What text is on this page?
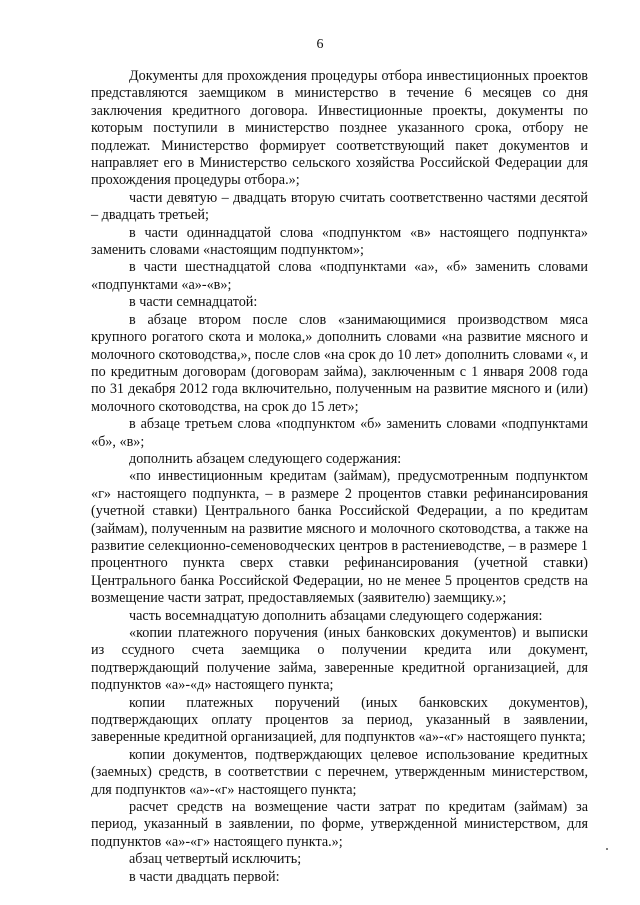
6

Документы для прохождения процедуры отбора инвестиционных проектов представляются заемщиком в министерство в течение 6 месяцев со дня заключения кредитного договора. Инвестиционные проекты, документы по которым поступили в министерство позднее указанного срока, отбору не подлежат. Министерство формирует соответствующий пакет документов и направляет его в Министерство сельского хозяйства Российской Федерации для прохождения процедуры отбора.»;

части девятую – двадцать вторую считать соответственно частями десятой – двадцать третьей;

в части одиннадцатой слова «подпунктом «в» настоящего подпункта» заменить словами «настоящим подпунктом»;

в части шестнадцатой слова «подпунктами «а», «б» заменить словами «подпунктами «а»-«в»;

в части семнадцатой:

в абзаце втором после слов «занимающимися производством мяса крупного рогатого скота и молока,» дополнить словами «на развитие мясного и молочного скотоводства,», после слов «на срок до 10 лет» дополнить словами «, и по кредитным договорам (договорам займа), заключенным с 1 января 2008 года по 31 декабря 2012 года включительно, полученным на развитие мясного и (или) молочного скотоводства, на срок до 15 лет»;

в абзаце третьем слова «подпунктом «б» заменить словами «подпунктами «б», «в»;

дополнить абзацем следующего содержания:

«по инвестиционным кредитам (займам), предусмотренным подпунктом «г» настоящего подпункта, – в размере 2 процентов ставки рефинансирования (учетной ставки) Центрального банка Российской Федерации, а по кредитам (займам), полученным на развитие мясного и молочного скотоводства, а также на развитие селекционно-семеноводческих центров в растениеводстве, – в размере 1 процентного пункта сверх ставки рефинансирования (учетной ставки) Центрального банка Российской Федерации, но не менее 5 процентов средств на возмещение части затрат, предоставляемых (заявителю) заемщику.»;

часть восемнадцатую дополнить абзацами следующего содержания:

«копии платежного поручения (иных банковских документов) и выписки из ссудного счета заемщика о получении кредита или документ, подтверждающий получение займа, заверенные кредитной организацией, для подпунктов «а»-«д» настоящего пункта;

копии платежных поручений (иных банковских документов), подтверждающих оплату процентов за период, указанный в заявлении, заверенные кредитной организацией, для подпунктов «а»-«г» настоящего пункта;

копии документов, подтверждающих целевое использование кредитных (заемных) средств, в соответствии с перечнем, утвержденным министерством, для подпунктов «а»-«г» настоящего пункта;

расчет средств на возмещение части затрат по кредитам (займам) за период, указанный в заявлении, по форме, утвержденной министерством, для подпунктов «а»-«г» настоящего пункта.»;

абзац четвертый исключить;

в части двадцать первой:
